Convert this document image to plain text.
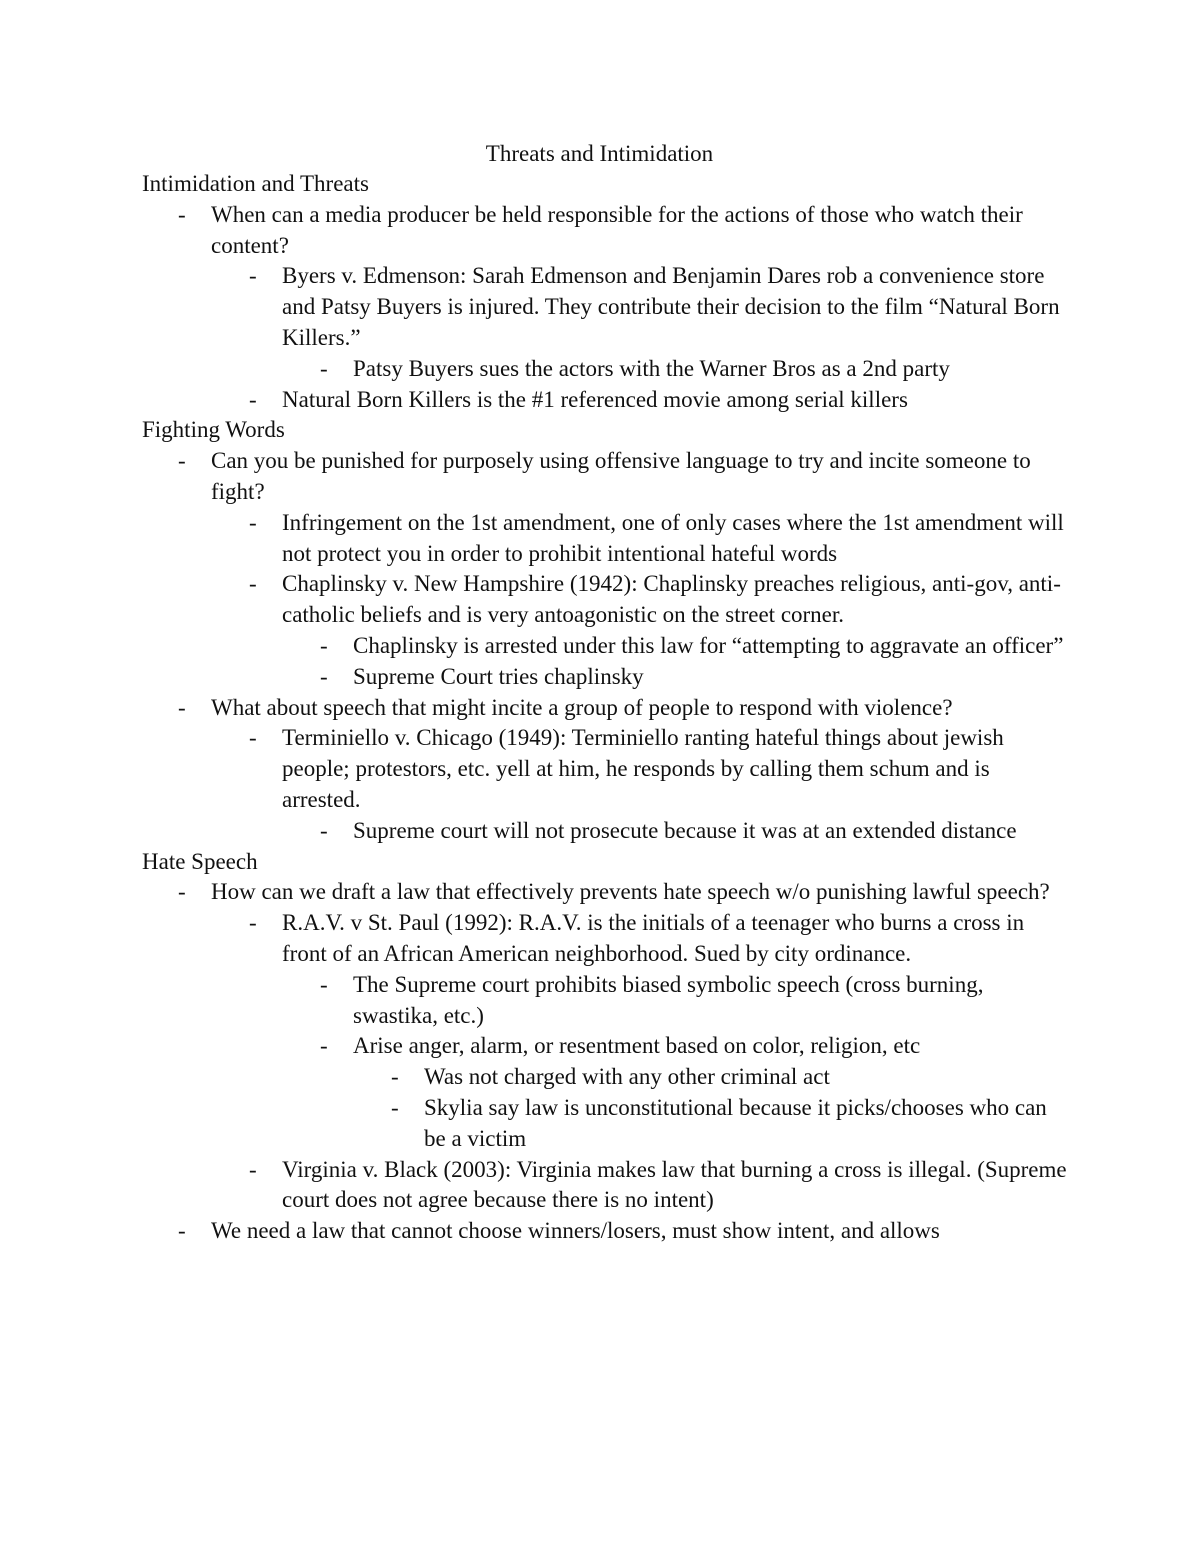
Threats and Intimidation
Intimidation and Threats
- When can a media producer be held responsible for the actions of those who watch their content?
- Byers v. Edmenson: Sarah Edmenson and Benjamin Dares rob a convenience store and Patsy Buyers is injured. They contribute their decision to the film “Natural Born Killers.”
- Patsy Buyers sues the actors with the Warner Bros as a 2nd party
- Natural Born Killers is the #1 referenced movie among serial killers
Fighting Words
- Can you be punished for purposely using offensive language to try and incite someone to fight?
- Infringement on the 1st amendment, one of only cases where the 1st amendment will not protect you in order to prohibit intentional hateful words
- Chaplinsky v. New Hampshire (1942): Chaplinsky preaches religious, anti-gov, anti-catholic beliefs and is very antoagonistic on the street corner.
- Chaplinsky is arrested under this law for “attempting to aggravate an officer”
- Supreme Court tries chaplinsky
- What about speech that might incite a group of people to respond with violence?
- Terminiello v. Chicago (1949): Terminiello ranting hateful things about jewish people; protestors, etc. yell at him, he responds by calling them schum and is arrested.
- Supreme court will not prosecute because it was at an extended distance
Hate Speech
- How can we draft a law that effectively prevents hate speech w/o punishing lawful speech?
- R.A.V. v St. Paul (1992): R.A.V. is the initials of a teenager who burns a cross in front of an African American neighborhood. Sued by city ordinance.
- The Supreme court prohibits biased symbolic speech (cross burning, swastika, etc.)
- Arise anger, alarm, or resentment based on color, religion, etc
- Was not charged with any other criminal act
- Skylia say law is unconstitutional because it picks/chooses who can be a victim
- Virginia v. Black (2003): Virginia makes law that burning a cross is illegal. (Supreme court does not agree because there is no intent)
- We need a law that cannot choose winners/losers, must show intent, and allows
